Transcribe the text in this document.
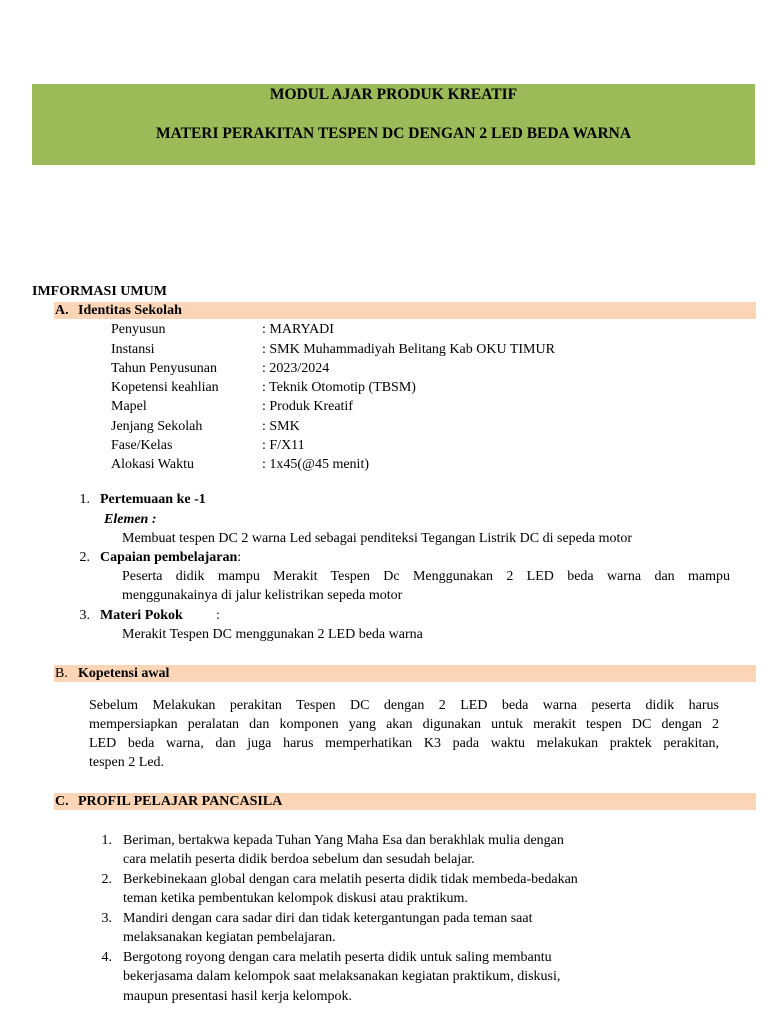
MODUL AJAR PRODUK KREATIF
MATERI PERAKITAN TESPEN DC DENGAN 2 LED BEDA WARNA
IMFORMASI UMUM
A. Identitas Sekolah
Penyusun	: MARYADI
Instansi	: SMK Muhammadiyah Belitang Kab OKU TIMUR
Tahun Penyusunan	: 2023/2024
Kopetensi keahlian	: Teknik Otomotip (TBSM)
Mapel	: Produk Kreatif
Jenjang Sekolah	: SMK
Fase/Kelas	: F/X11
Alokasi Waktu	: 1x45(@45 menit)
1. Pertemuaan ke -1
Elemen :
Membuat tespen DC 2 warna Led sebagai penditeksi Tegangan Listrik DC di sepeda motor
2. Capaian pembelajaran:
Peserta didik mampu Merakit Tespen Dc Menggunakan 2 LED beda warna dan mampu
menggunakainya di jalur kelistrikan sepeda motor
3. Materi Pokok :
Merakit Tespen DC menggunakan 2 LED beda warna
B. Kopetensi awal
Sebelum Melakukan perakitan Tespen DC dengan 2 LED beda warna peserta didik harus
mempersiapkan peralatan dan komponen yang akan digunakan untuk merakit tespen DC dengan 2
LED beda warna, dan juga harus memperhatikan K3 pada waktu melakukan praktek perakitan,
tespen 2 Led.
C. PROFIL PELAJAR PANCASILA
1. Beriman, bertakwa kepada Tuhan Yang Maha Esa dan berakhlak mulia dengan
cara melatih peserta didik berdoa sebelum dan sesudah belajar.
2. Berkebinekaan global dengan cara melatih peserta didik tidak membeda-bedakan
teman ketika pembentukan kelompok diskusi atau praktikum.
3. Mandiri dengan cara sadar diri dan tidak ketergantungan pada teman saat
melaksanakan kegiatan pembelajaran.
4. Bergotong royong dengan cara melatih peserta didik untuk saling membantu
bekerjasama dalam kelompok saat melaksanakan kegiatan praktikum, diskusi,
maupun presentasi hasil kerja kelompok.
